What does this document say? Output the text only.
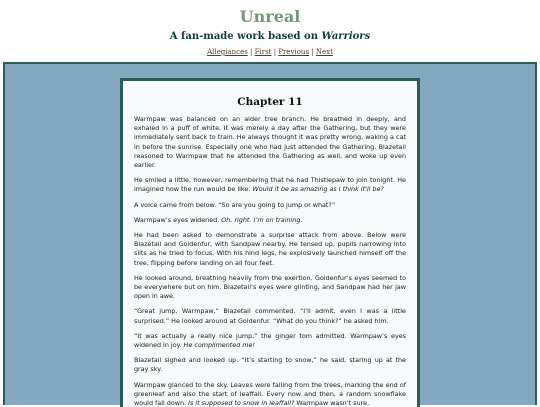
Unreal
A fan-made work based on Warriors
Allegiances | First | Previous | Next
Chapter 11

Warmpaw was balanced on an alder tree branch. He breathed in deeply, and exhaled in a puff of white. It was merely a day after the Gathering, but they were immediately sent back to train. He always thought it was pretty wrong, waking a cat in before the sunrise. Especially one who had just attended the Gathering. Blazetail reasoned to Warmpaw that he attended the Gathering as well, and woke up even earlier.

He smiled a little, however, remembering that he had Thistlepaw to join tonight. He imagined how the run would be like. Would it be as amazing as I think it'll be?

A voice came from below. “So are you going to jump or what?”

Warmpaw’s eyes widened. Oh, right. I’m on training.

He had been asked to demonstrate a surprise attack from above. Below were Blazetail and Goldenfur, with Sandpaw nearby. He tensed up, pupils narrowing into slits as he tried to focus. With his hind legs, he explosively launched himself off the tree, flipping before landing on all four feet.

He looked around, breathing heavily from the exertion. Goldenfur’s eyes seemed to be everywhere but on him. Blazetail’s eyes were glinting, and Sandpaw had her jaw open in awe.

“Great jump, Warmpaw,” Blazetail commented. “I’ll admit, even I was a little surprised.” He looked around at Goldenfur. “What do you think?” he asked him.

“It was actually a really nice jump,” the ginger tom admitted. Warmpaw’s eyes widened in joy. He complimented me!

Blazetail sighed and looked up. “It’s starting to snow,” he said, staring up at the gray sky.

Warmpaw glanced to the sky. Leaves were falling from the trees, marking the end of greenleaf and also the start of leaffall. Every now and then, a random snowflake would fall down. Is it supposed to snow in leaffall? Warmpaw wasn’t sure.
